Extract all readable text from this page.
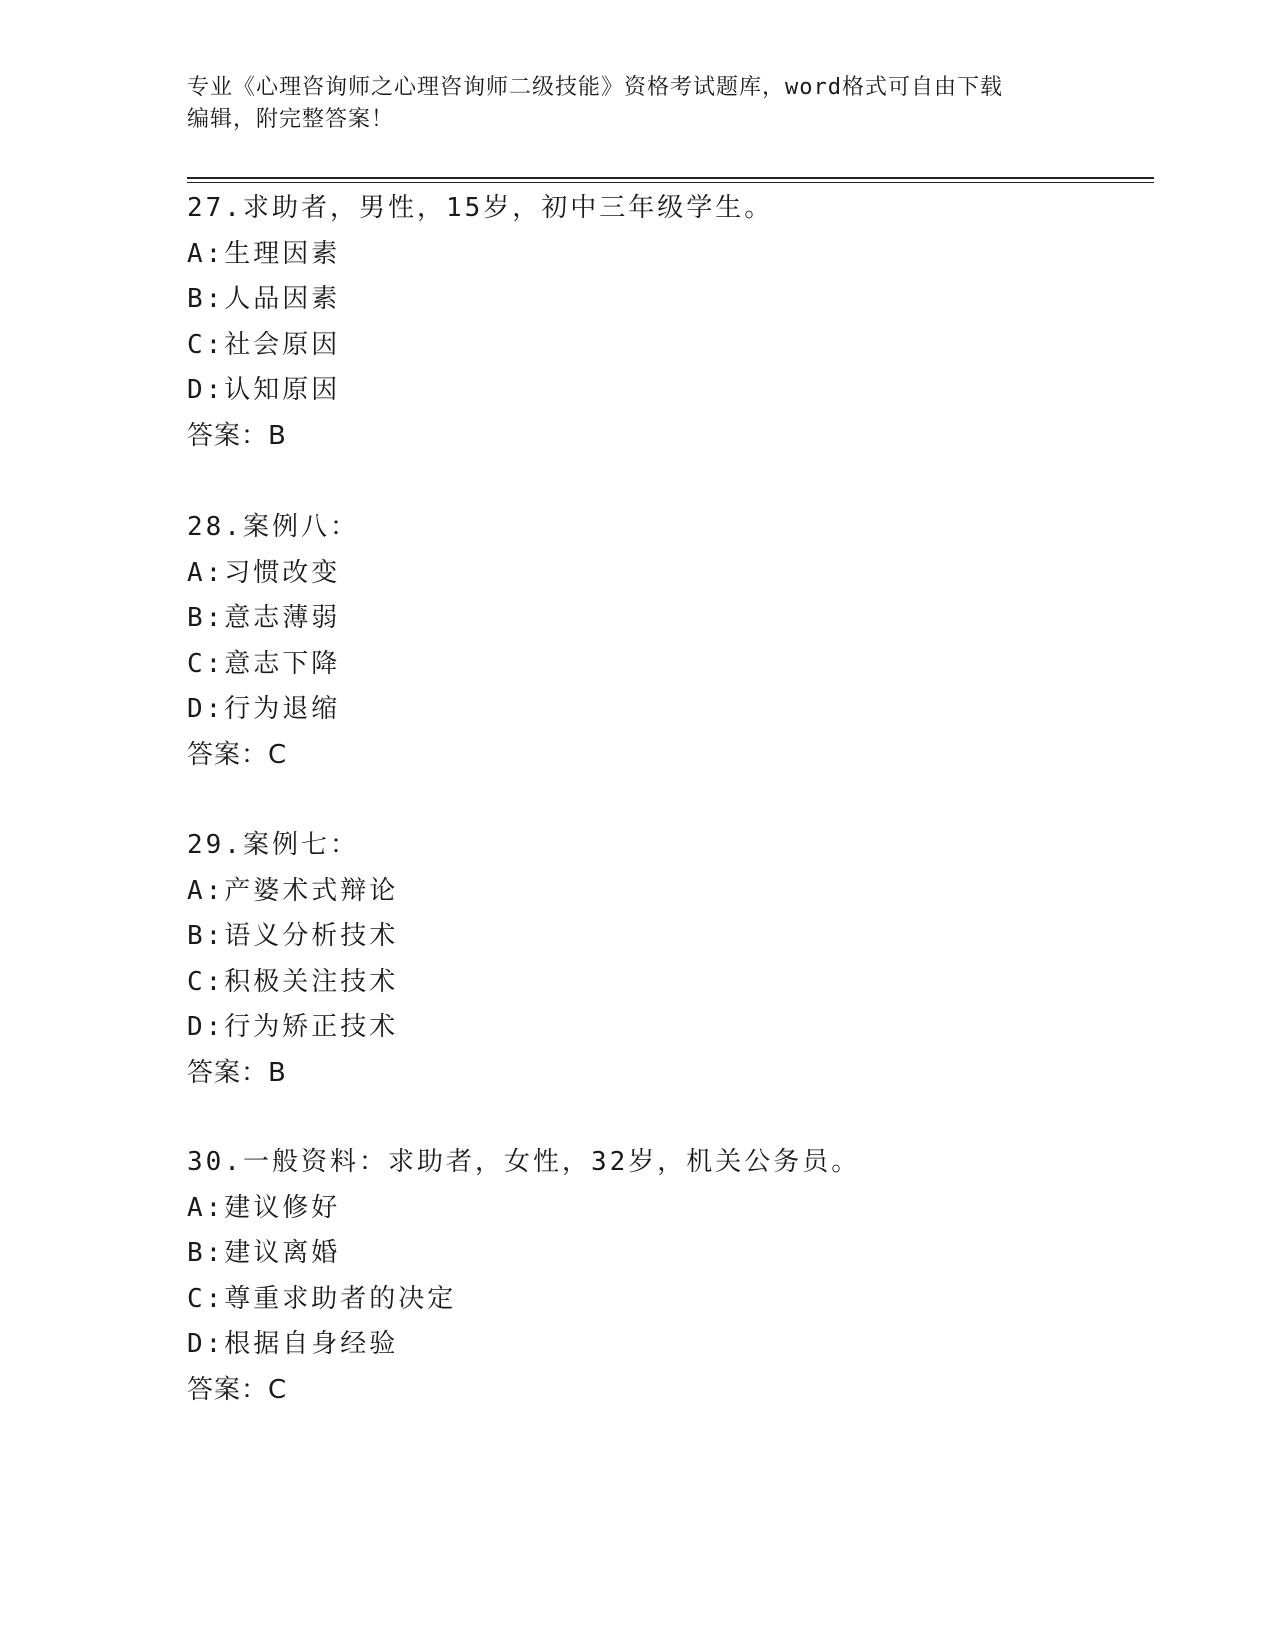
专业《心理咨询师之心理咨询师二级技能》资格考试题库，word格式可自由下载
编辑，附完整答案！
27.求助者，男性，15岁，初中三年级学生。
A:生理因素
B:人品因素
C:社会原因
D:认知原因
答案：B
28.案例八：
A:习惯改变
B:意志薄弱
C:意志下降
D:行为退缩
答案：C
29.案例七：
A:产婆术式辩论
B:语义分析技术
C:积极关注技术
D:行为矫正技术
答案：B
30.一般资料：求助者，女性，32岁，机关公务员。
A:建议修好
B:建议离婚
C:尊重求助者的决定
D:根据自身经验
答案：C
